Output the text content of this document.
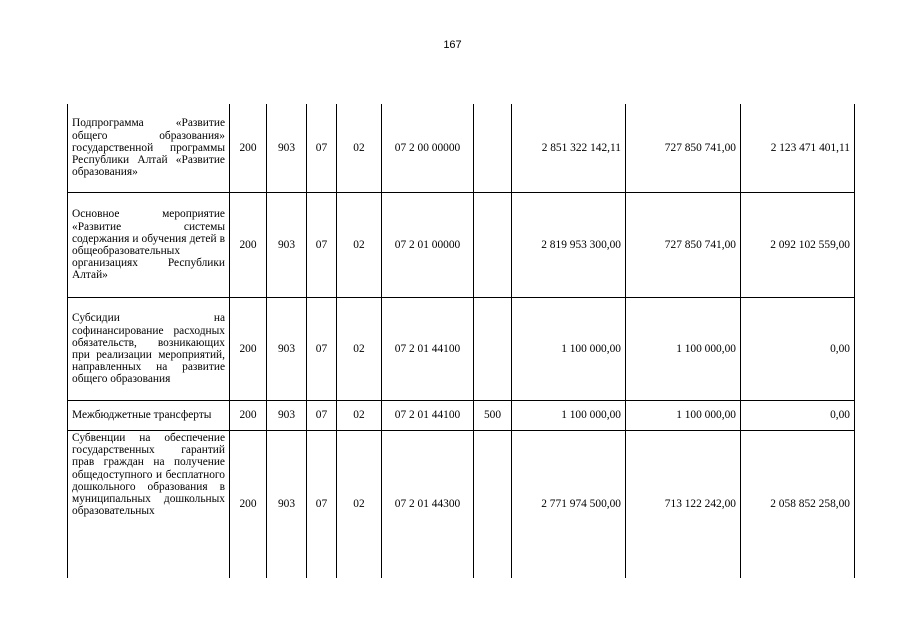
167
Подпрограмма «Развитие общего образования» государственной программы Республики Алтай «Развитие образования»	200	903	07	02	07 2 00 00000		2 851 322 142,11	727 850 741,00	2 123 471 401,11
Основное мероприятие «Развитие системы содержания и обучения детей в общеобразовательных организациях Республики Алтай»	200	903	07	02	07 2 01 00000		2 819 953 300,00	727 850 741,00	2 092 102 559,00
Субсидии на софинансирование расходных обязательств, возникающих при реализации мероприятий, направленных на развитие общего образования	200	903	07	02	07 2 01 44100		1 100 000,00	1 100 000,00	0,00
Межбюджетные трансферты	200	903	07	02	07 2 01 44100	500	1 100 000,00	1 100 000,00	0,00

Субвенции на обеспечение государственных гарантий прав граждан на получение общедоступного и бесплатного дошкольного образования в муниципальных дошкольных образовательных	200	903	07	02	07 2 01 44300		2 771 974 500,00	713 122 242,00	2 058 852 258,00
